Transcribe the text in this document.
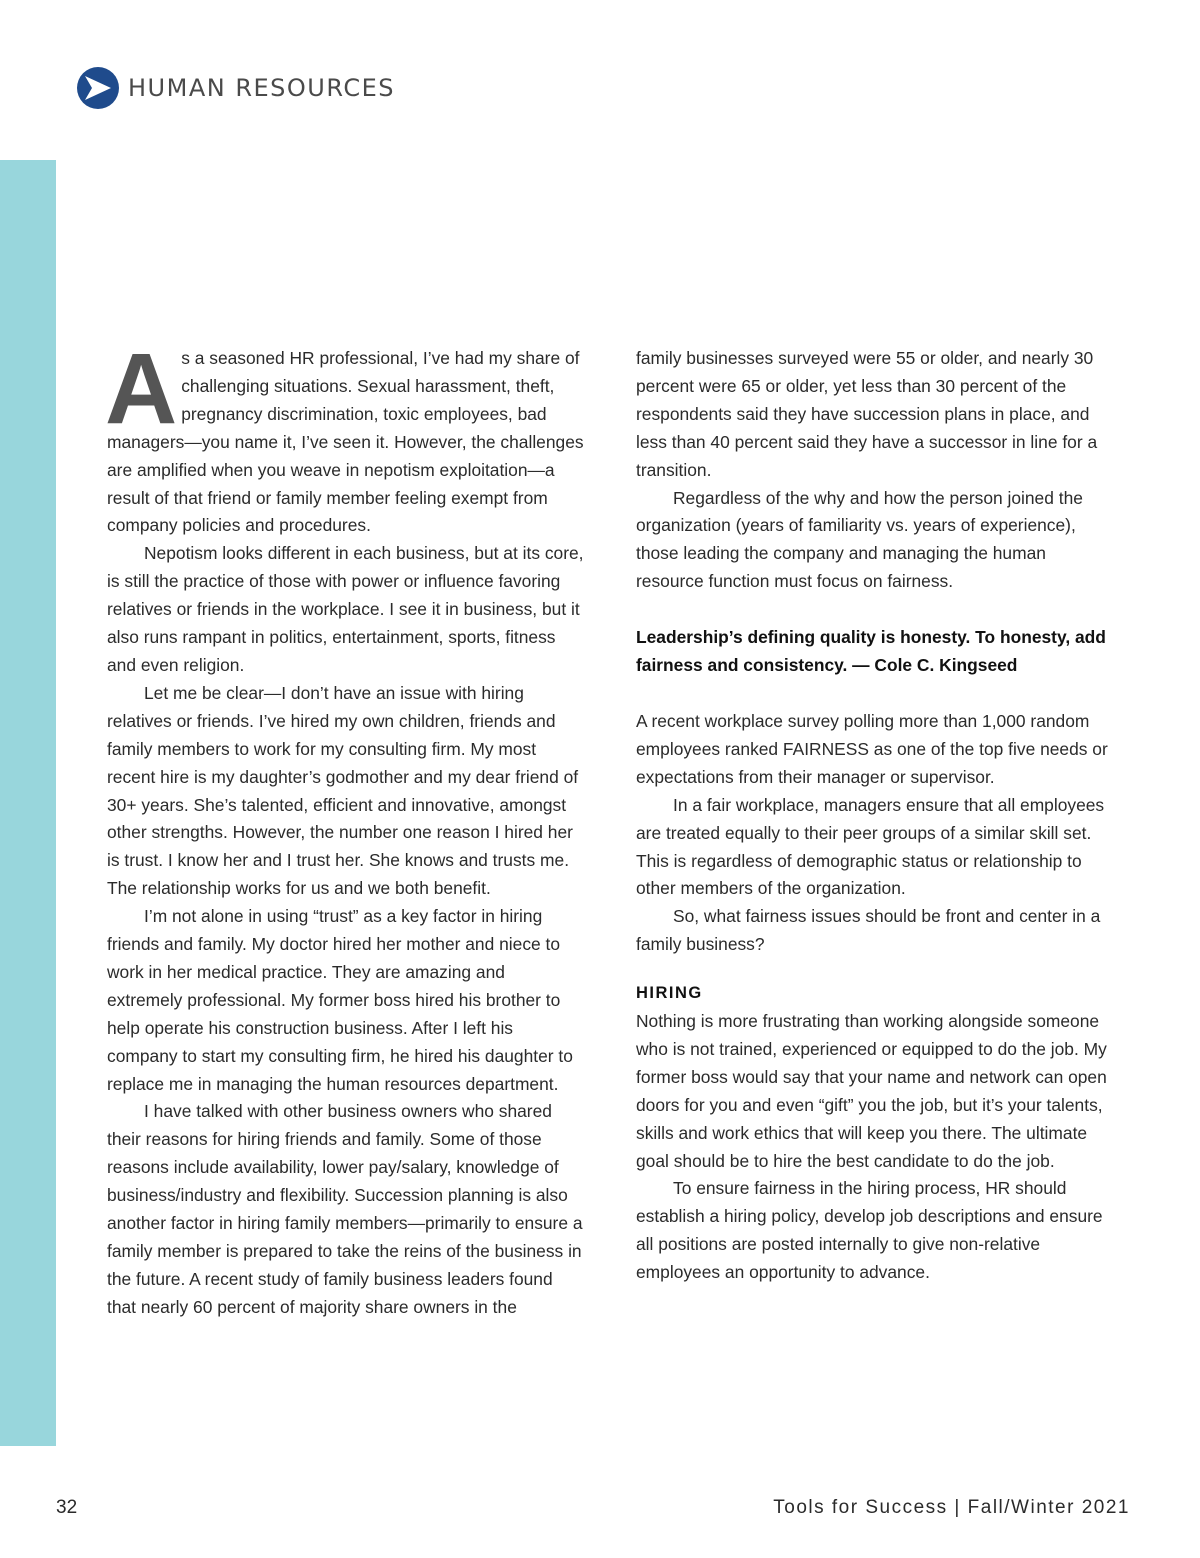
HUMAN RESOURCES

As a seasoned HR professional, I’ve had my share of challenging situations. Sexual harassment, theft, pregnancy discrimination, toxic employees, bad managers—you name it, I’ve seen it. However, the challenges are amplified when you weave in nepotism exploitation—a result of that friend or family member feeling exempt from company policies and procedures.

Nepotism looks different in each business, but at its core, is still the practice of those with power or influence favoring relatives or friends in the workplace. I see it in business, but it also runs rampant in politics, entertainment, sports, fitness and even religion.

Let me be clear—I don’t have an issue with hiring relatives or friends. I’ve hired my own children, friends and family members to work for my consulting firm. My most recent hire is my daughter’s godmother and my dear friend of 30+ years. She’s talented, efficient and innovative, amongst other strengths. However, the number one reason I hired her is trust. I know her and I trust her. She knows and trusts me. The relationship works for us and we both benefit.

I’m not alone in using “trust” as a key factor in hiring friends and family. My doctor hired her mother and niece to work in her medical practice. They are amazing and extremely professional. My former boss hired his brother to help operate his construction business. After I left his company to start my consulting firm, he hired his daughter to replace me in managing the human resources department.

I have talked with other business owners who shared their reasons for hiring friends and family. Some of those reasons include availability, lower pay/salary, knowledge of business/industry and flexibility. Succession planning is also another factor in hiring family members—primarily to ensure a family member is prepared to take the reins of the business in the future. A recent study of family business leaders found that nearly 60 percent of majority share owners in the

family businesses surveyed were 55 or older, and nearly 30 percent were 65 or older, yet less than 30 percent of the respondents said they have succession plans in place, and less than 40 percent said they have a successor in line for a transition.

Regardless of the why and how the person joined the organization (years of familiarity vs. years of experience), those leading the company and managing the human resource function must focus on fairness.

Leadership’s defining quality is honesty. To honesty, add fairness and consistency. — Cole C. Kingseed

A recent workplace survey polling more than 1,000 random employees ranked FAIRNESS as one of the top five needs or expectations from their manager or supervisor.

In a fair workplace, managers ensure that all employees are treated equally to their peer groups of a similar skill set. This is regardless of demographic status or relationship to other members of the organization.

So, what fairness issues should be front and center in a family business?

HIRING

Nothing is more frustrating than working alongside someone who is not trained, experienced or equipped to do the job. My former boss would say that your name and network can open doors for you and even “gift” you the job, but it’s your talents, skills and work ethics that will keep you there. The ultimate goal should be to hire the best candidate to do the job.

To ensure fairness in the hiring process, HR should establish a hiring policy, develop job descriptions and ensure all positions are posted internally to give non-relative employees an opportunity to advance.

32	Tools for Success | Fall/Winter 2021
